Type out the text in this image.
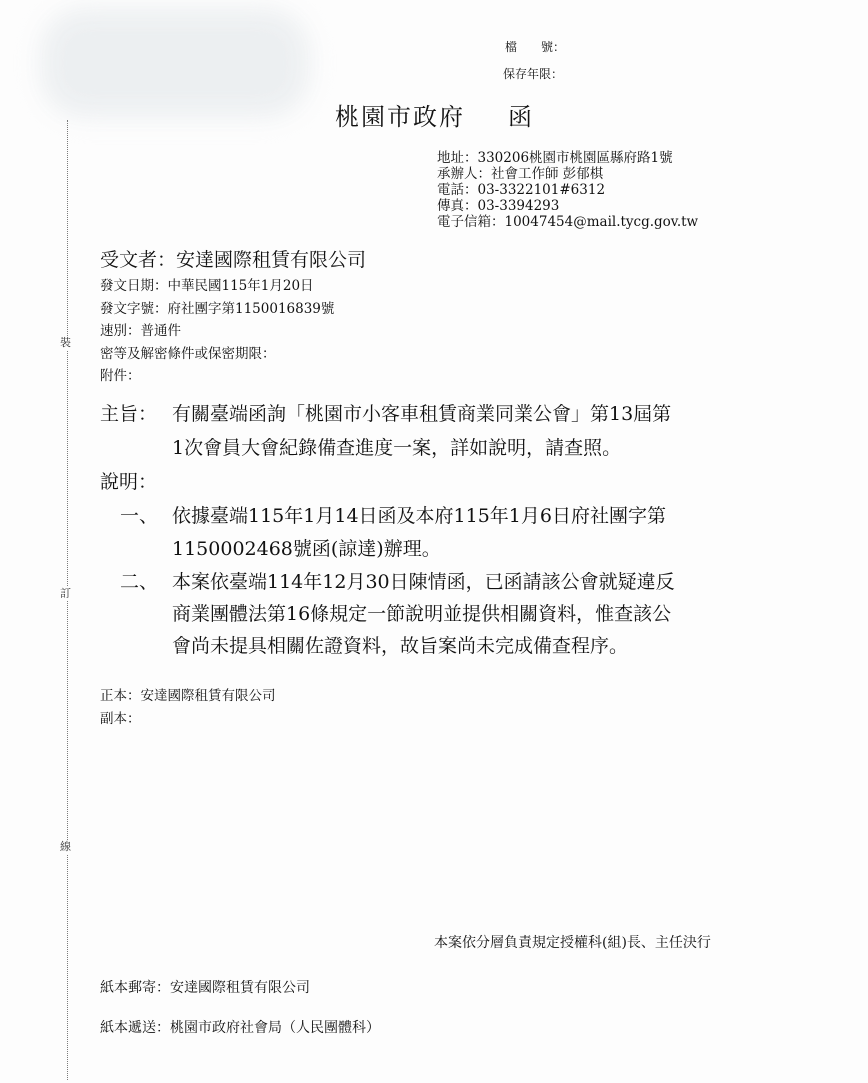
裝
訂
線
檔　　號：
保存年限：
桃園市政府 函
地址：330206桃園市桃園區縣府路1號
承辦人：社會工作師 彭郁棋
電話：03-3322101#6312
傳真：03-3394293
電子信箱：10047454@mail.tycg.gov.tw
受文者：安達國際租賃有限公司
發文日期：中華民國115年1月20日
發文字號：府社團字第1150016839號
速別：普通件
密等及解密條件或保密期限：
附件：
主旨： 有關臺端函詢「桃園市小客車租賃商業同業公會」第13屆第
1次會員大會紀錄備查進度一案，詳如說明，請查照。
說明：
一、 依據臺端115年1月14日函及本府115年1月6日府社團字第
1150002468號函(諒達)辦理。
二、 本案依臺端114年12月30日陳情函，已函請該公會就疑違反
商業團體法第16條規定一節說明並提供相關資料，惟查該公
會尚未提具相關佐證資料，故旨案尚未完成備查程序。
正本：安達國際租賃有限公司
副本：
本案依分層負責規定授權科(組)長、主任決行
紙本郵寄：安達國際租賃有限公司
紙本遞送：桃園市政府社會局（人民團體科）
